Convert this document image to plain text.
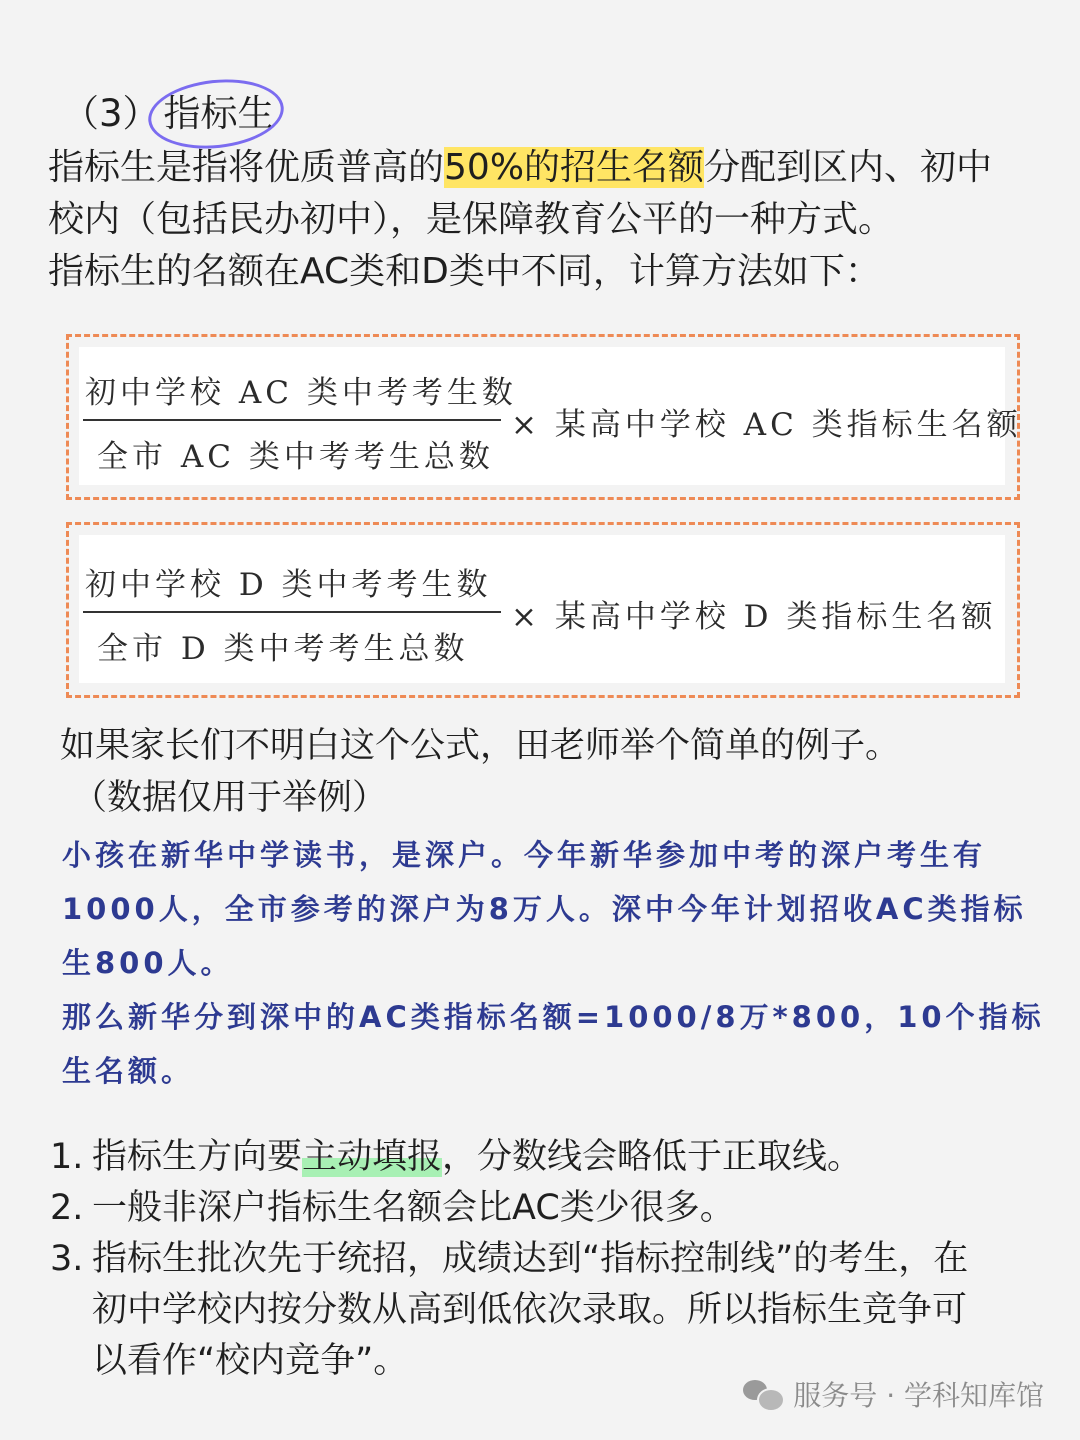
（3） 指标生

指标生是指将优质普高的50%的招生名额分配到区内、初中

校内（包括民办初中），是保障教育公平的一种方式。

指标生的名额在AC类和D类中不同，计算方法如下：

初中学校 AC 类中考考生数
全市 AC 类中考考生总数
× 某高中学校 AC 类指标生名额
初中学校 D 类中考考生数
全市 D 类中考考生总数
× 某高中学校 D 类指标生名额

如果家长们不明白这个公式，田老师举个简单的例子。

（数据仅用于举例）

小孩在新华中学读书，是深户。今年新华参加中考的深户考生有

1000人，全市参考的深户为8万人。深中今年计划招收AC类指标

生800人。

那么新华分到深中的AC类指标名额=1000/8万*800，10个指标

生名额。

1. 指标生方向要主动填报，分数线会略低于正取线。
2. 一般非深户指标生名额会比AC类少很多。
3. 指标生批次先于统招，成绩达到“指标控制线”的考生，在
初中学校内按分数从高到低依次录取。所以指标生竞争可
以看作“校内竞争”。
服务号 · 学科知库馆
